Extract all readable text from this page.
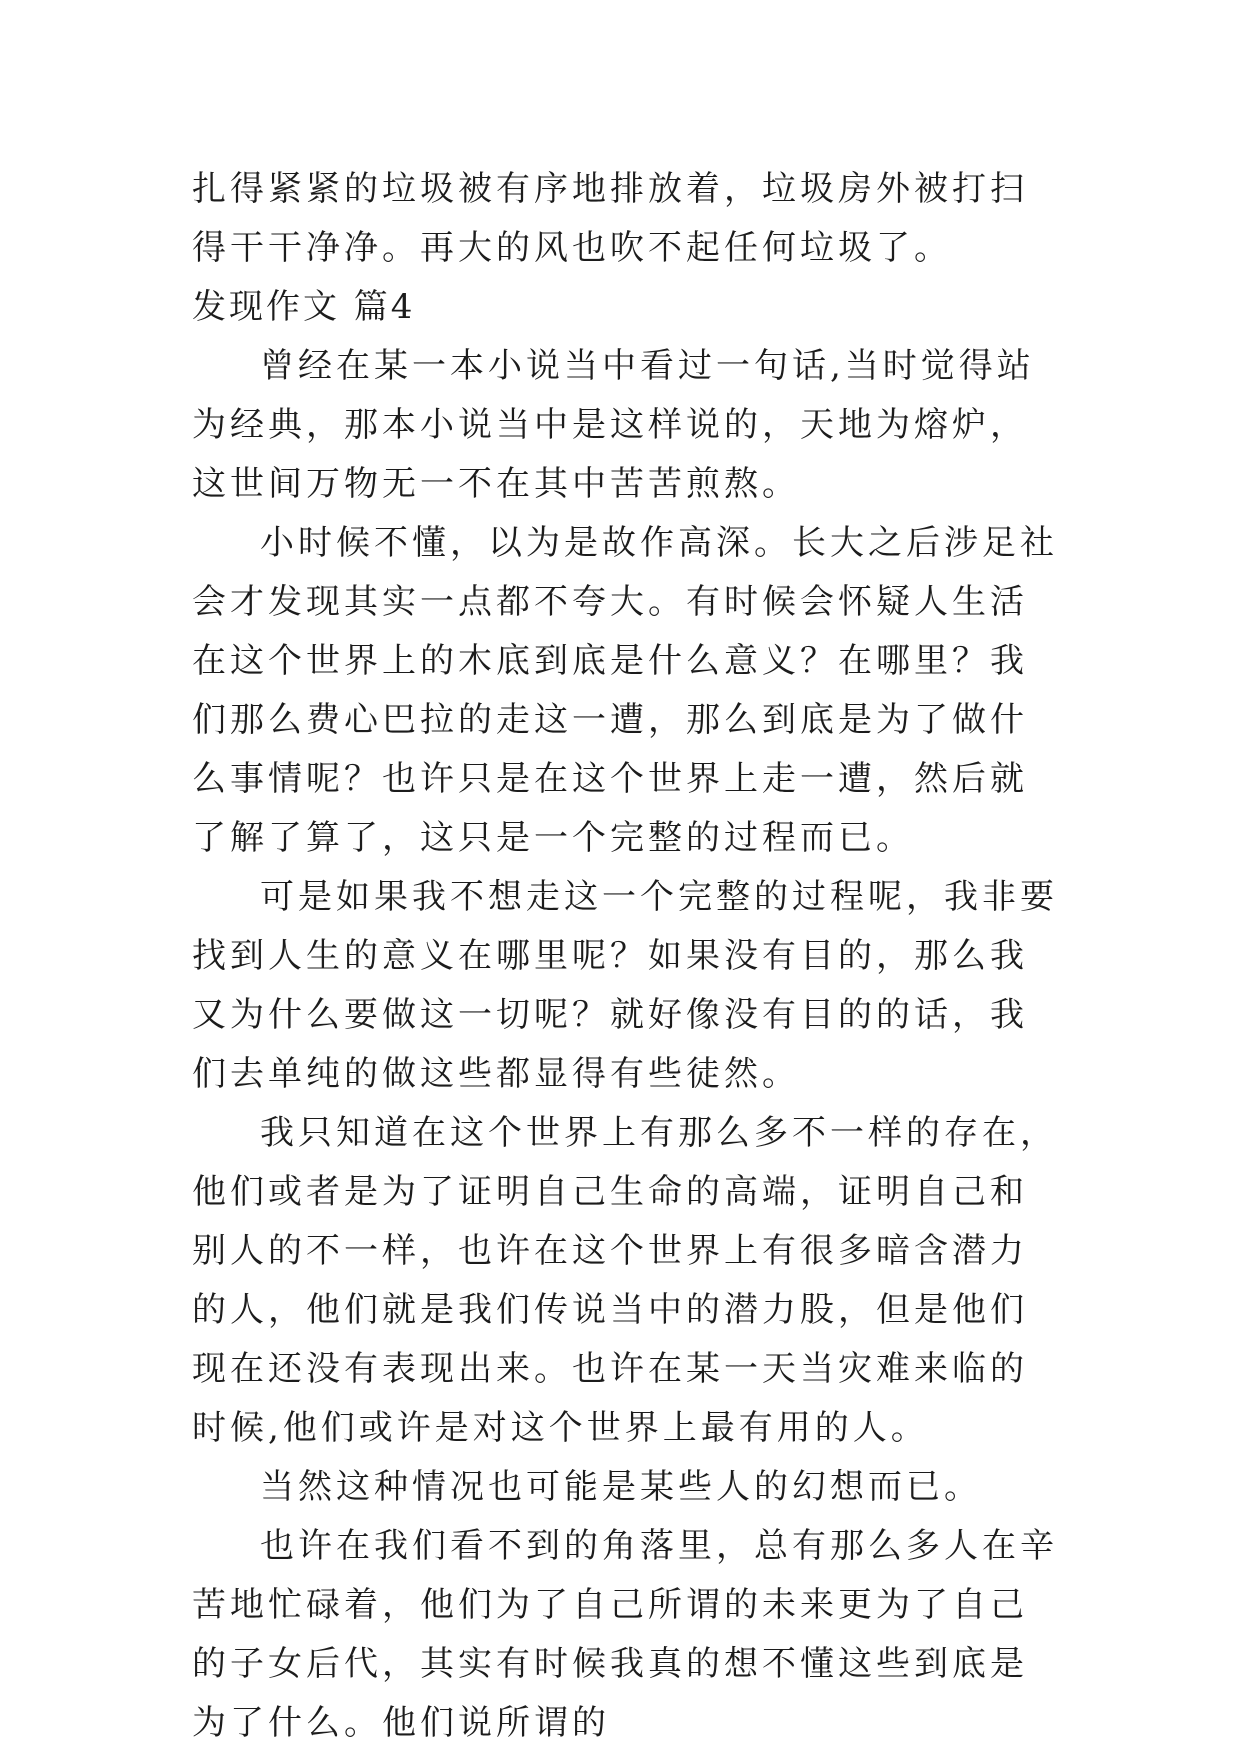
扎得紧紧的垃圾被有序地排放着，垃圾房外被打扫得干干净净。再大的风也吹不起任何垃圾了。

发现作文 篇4

曾经在某一本小说当中看过一句话,当时觉得站为经典，那本小说当中是这样说的，天地为熔炉，这世间万物无一不在其中苦苦煎熬。

小时候不懂，以为是故作高深。长大之后涉足社会才发现其实一点都不夸大。有时候会怀疑人生活在这个世界上的木底到底是什么意义？在哪里？我们那么费心巴拉的走这一遭，那么到底是为了做什么事情呢？也许只是在这个世界上走一遭，然后就了解了算了，这只是一个完整的过程而已。

可是如果我不想走这一个完整的过程呢，我非要找到人生的意义在哪里呢？如果没有目的，那么我又为什么要做这一切呢？就好像没有目的的话，我们去单纯的做这些都显得有些徒然。

我只知道在这个世界上有那么多不一样的存在，他们或者是为了证明自己生命的高端，证明自己和别人的不一样，也许在这个世界上有很多暗含潜力的人，他们就是我们传说当中的潜力股，但是他们现在还没有表现出来。也许在某一天当灾难来临的时候,他们或许是对这个世界上最有用的人。

当然这种情况也可能是某些人的幻想而已。

也许在我们看不到的角落里，总有那么多人在辛苦地忙碌着，他们为了自己所谓的未来更为了自己的子女后代，其实有时候我真的想不懂这些到底是为了什么。他们说所谓的
